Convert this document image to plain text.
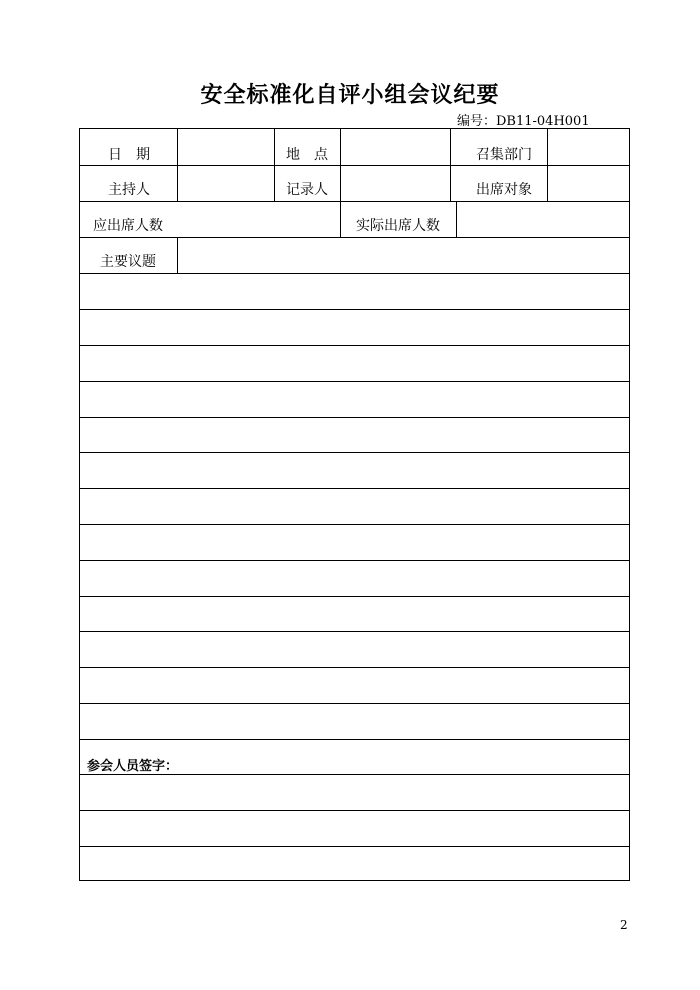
安全标准化自评小组会议纪要
编号：DB11-04H001
日　期	地　点	召集部门
主持人	记录人	出席对象
应出席人数	实际出席人数
主要议题
参会人员签字：
2
